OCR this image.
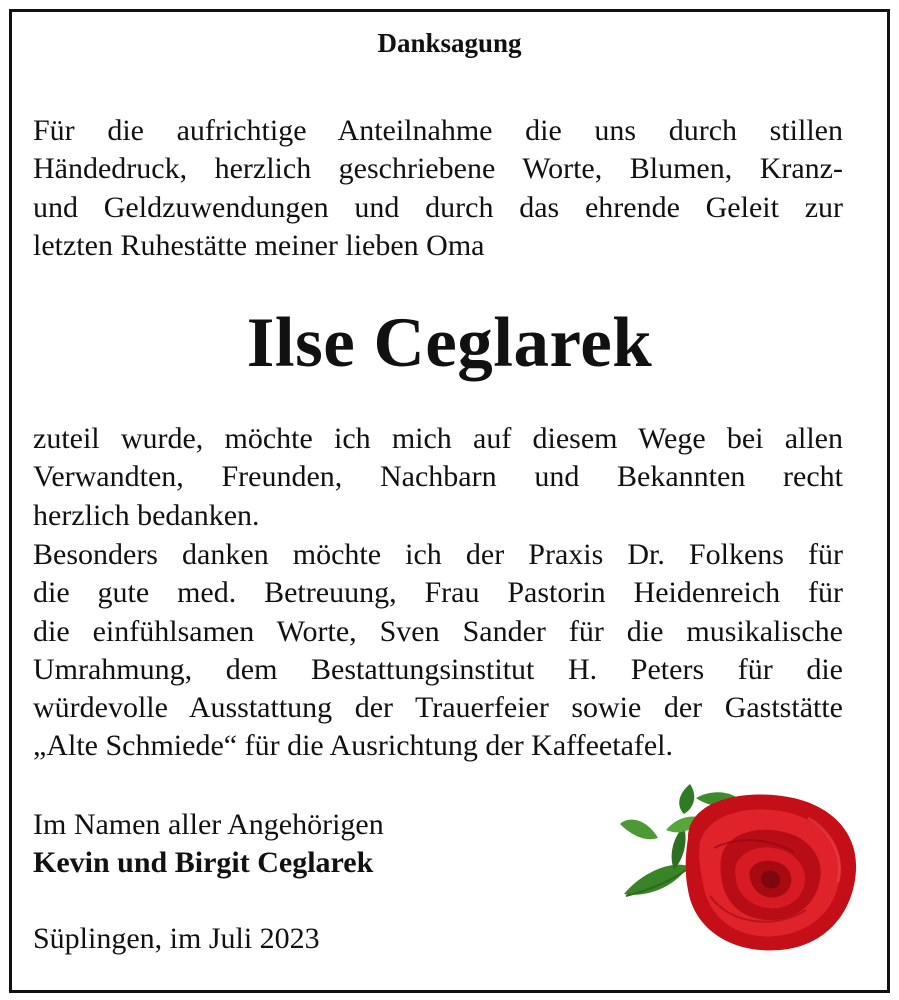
Danksagung
Für die aufrichtige Anteilnahme die uns durch stillen
Händedruck, herzlich geschriebene Worte, Blumen, Kranz-
und Geldzuwendungen und durch das ehrende Geleit zur
letzten Ruhestätte meiner lieben Oma
Ilse Ceglarek
zuteil wurde, möchte ich mich auf diesem Wege bei allen
Verwandten, Freunden, Nachbarn und Bekannten recht
herzlich bedanken.
Besonders danken möchte ich der Praxis Dr. Folkens für
die gute med. Betreuung, Frau Pastorin Heidenreich für
die einfühlsamen Worte, Sven Sander für die musikalische
Umrahmung, dem Bestattungsinstitut H. Peters für die
würdevolle Ausstattung der Trauerfeier sowie der Gaststätte
„Alte Schmiede“ für die Ausrichtung der Kaffeetafel.
Im Namen aller Angehörigen
Kevin und Birgit Ceglarek
Süplingen, im Juli 2023
